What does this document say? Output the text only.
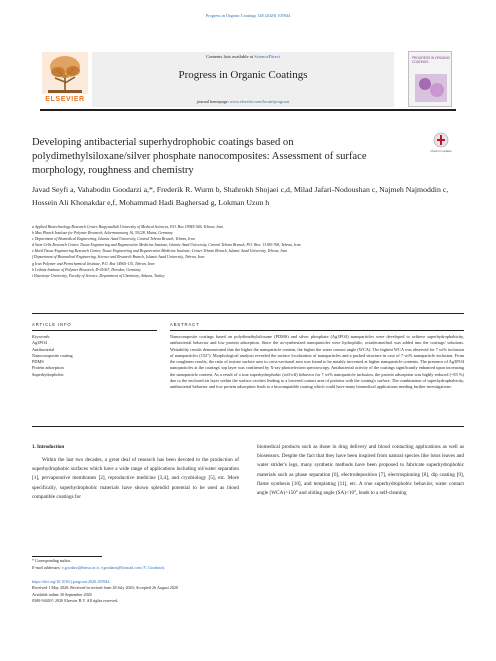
Progress in Organic Coatings 148 (2020) 105944
Contents lists available at ScienceDirect
Progress in Organic Coatings
journal homepage: www.elsevier.com/locate/porgcoat
ELSEVIER
PROGRESS IN ORGANIC COATINGS
Developing antibacterial superhydrophobic coatings based on polydimethylsiloxane/silver phosphate nanocomposites: Assessment of surface morphology, roughness and chemistry
Check for updates
Javad Seyfi a, Vahabodin Goodarzi a,*, Frederik R. Wurm b, Shahrokh Shojaei c,d, Milad Jafari-Nodoushan c, Najmeh Najmoddin c, Hossein Ali Khonakdar e,f, Mohammad Hadi Baghersad g, Lokman Uzun h
a Applied Biotechnology Research Center, Baqiyatallah University of Medical Sciences, P.O. Box 19945-546, Tehran, Iran
b Max Planck Institute for Polymer Research, Ackermannweg 10, 55128, Mainz, Germany
c Department of Biomedical Engineering, Islamic Azad University, Central Tehran Branch, Tehran, Iran
d Stem Cells Research Center, Tissue Engineering and Regenerative Medicine Institute, Islamic Azad University, Central Tehran Branch, P.O. Box: 13185-768, Tehran, Iran
e Hard Tissue Engineering Research Center, Tissue Engineering and Regenerative Medicine Institute; Center Tehran Branch, Islamic Azad University, Tehran, Iran
f Department of Biomedical Engineering, Science and Research Branch, Islamic Azad University, Tehran, Iran
g Iran Polymer and Petrochemical Institute, P.O. Box 14965-115, Tehran, Iran
h Leibniz Institute of Polymer Research, D-01067, Dresden, Germany
i Hacettepe University, Faculty of Science, Department of Chemistry, Ankara, Turkey
ARTICLE INFO	ABSTRACT
Keywords:
Ag3PO4
Antibacterial
Nanocomposite coating
PDMS
Protein adsorption
Superhydrophobic
Nanocomposite coatings based on polydimethylsiloxane (PDMS) and silver phosphate (Ag3PO4) nanoparticles were developed to achieve superhydrophobicity, antibacterial behavior and low protein adsorption. Since the as-synthesized nanoparticles were hydrophilic, octadecanethiol was added into the coatings' solutions. Wettability results demonstrated that the higher the nanoparticle content, the higher the water contact angle (WCA). The highest WCA was observed for 7 wt% inclusion of nanoparticles (152°). Morphological analysis revealed the surface localization of nanoparticles and a packed structure in case of 7 wt% nanoparticle inclusion. From the roughness results, the ratio of texture surface area to cross-sectional area was found to be notably increased at higher nanoparticle contents. The presence of Ag3PO4 nanoparticles at the coatings' top layer was confirmed by X-ray photoelectron spectroscopy. Antibacterial activity of the coatings significantly enhanced upon increasing the nanoparticle content. As a result of a true superhydrophobic (roll-off) behavior for 7 wt% nanoparticle inclusion, the protein adsorption was highly reduced (~83 %) due to the enclosed air layer within the surface cavities leading to a lowered contact area of proteins with the coating's surface. The combination of superhydrophobicity, antibacterial behavior and low protein adsorption leads to a biocompatible coating which could have many biomedical applications needing further investigations.
1. Introduction
Within the last two decades, a great deal of research has been devoted to the production of superhydrophobic surfaces which have a wide range of applications including oil/water separation [1], pervaporative membranes [2], reproductive medicine [3,4], and cryobiology [5], etc. More specifically, superhydrophobic materials have shown splendid potential to be used as blood compatible coatings for
biomedical products such as those in drug delivery and blood contacting applications as well as biosensors. Despite the fact that they have been inspired from natural species like lotus leaves and water strider's legs, many synthetic methods have been proposed to fabricate superhydrophobic materials such as phase separation [6], electrodeposition [7], electrospinning [8], dip coating [9], flame synthesis [10], and templating [11], etc. A true superhydrophobic behavior, water contact angle (WCA)>150° and sliding angle (SA)<10°, leads to a self-cleaning
* Corresponding author.
E-mail addresses: v.goodarzi@bmsu.ac.ir, v.goodarzi@hotmail.com (V. Goodarzi).
https://doi.org/10.1016/j.porgcoat.2020.105944
Received 1 May 2020; Received in revised form 28 July 2020; Accepted 26 August 2020
Available online 30 September 2020
0300-9440/© 2020 Elsevier B.V. All rights reserved.
